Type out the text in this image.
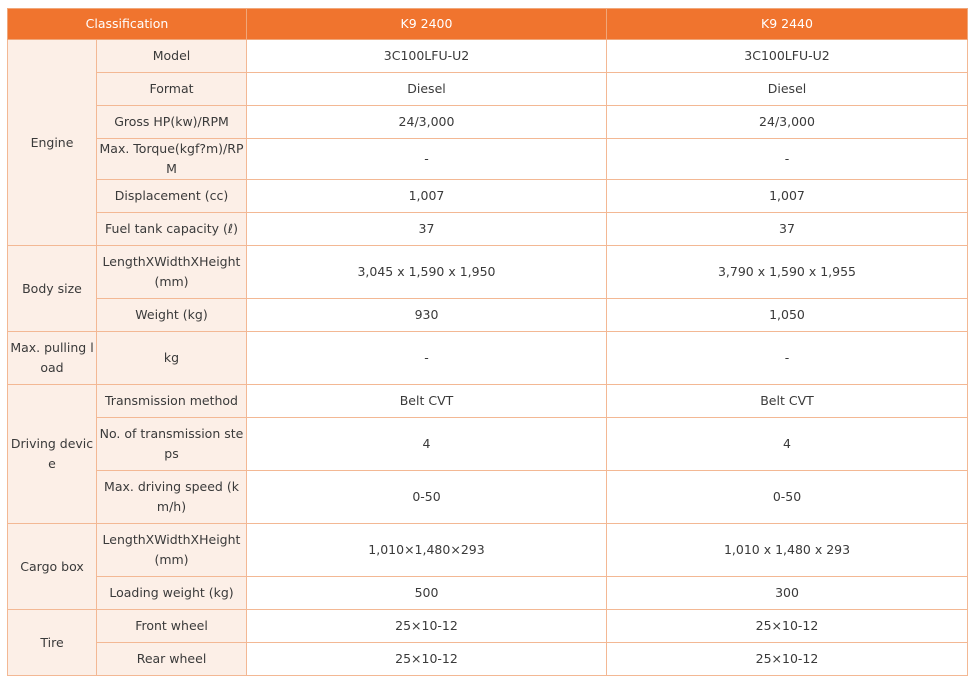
Classification		K9 2400	K9 2440
Engine	Model	3C100LFU-U2	3C100LFU-U2
	Format	Diesel	Diesel
	Gross HP(kw)/RPM	24/3,000	24/3,000
	Max. Torque(kgf?m)/RPM	-	-
	Displacement (cc)	1,007	1,007
	Fuel tank capacity (ℓ)	37	37
Body size	LengthXWidthXHeight(mm)	3,045 x 1,590 x 1,950	3,790 x 1,590 x 1,955
	Weight (kg)	930	1,050
Max. pulling load	kg	-	-
Driving device	Transmission method	Belt CVT	Belt CVT
	No. of transmission steps	4	4
	Max. driving speed (km/h)	0-50	0-50
Cargo box	LengthXWidthXHeight (mm)	1,010×1,480×293	1,010 x 1,480 x 293
	Loading weight (kg)	500	300
Tire	Front wheel	25×10-12	25×10-12
	Rear wheel	25×10-12	25×10-12
